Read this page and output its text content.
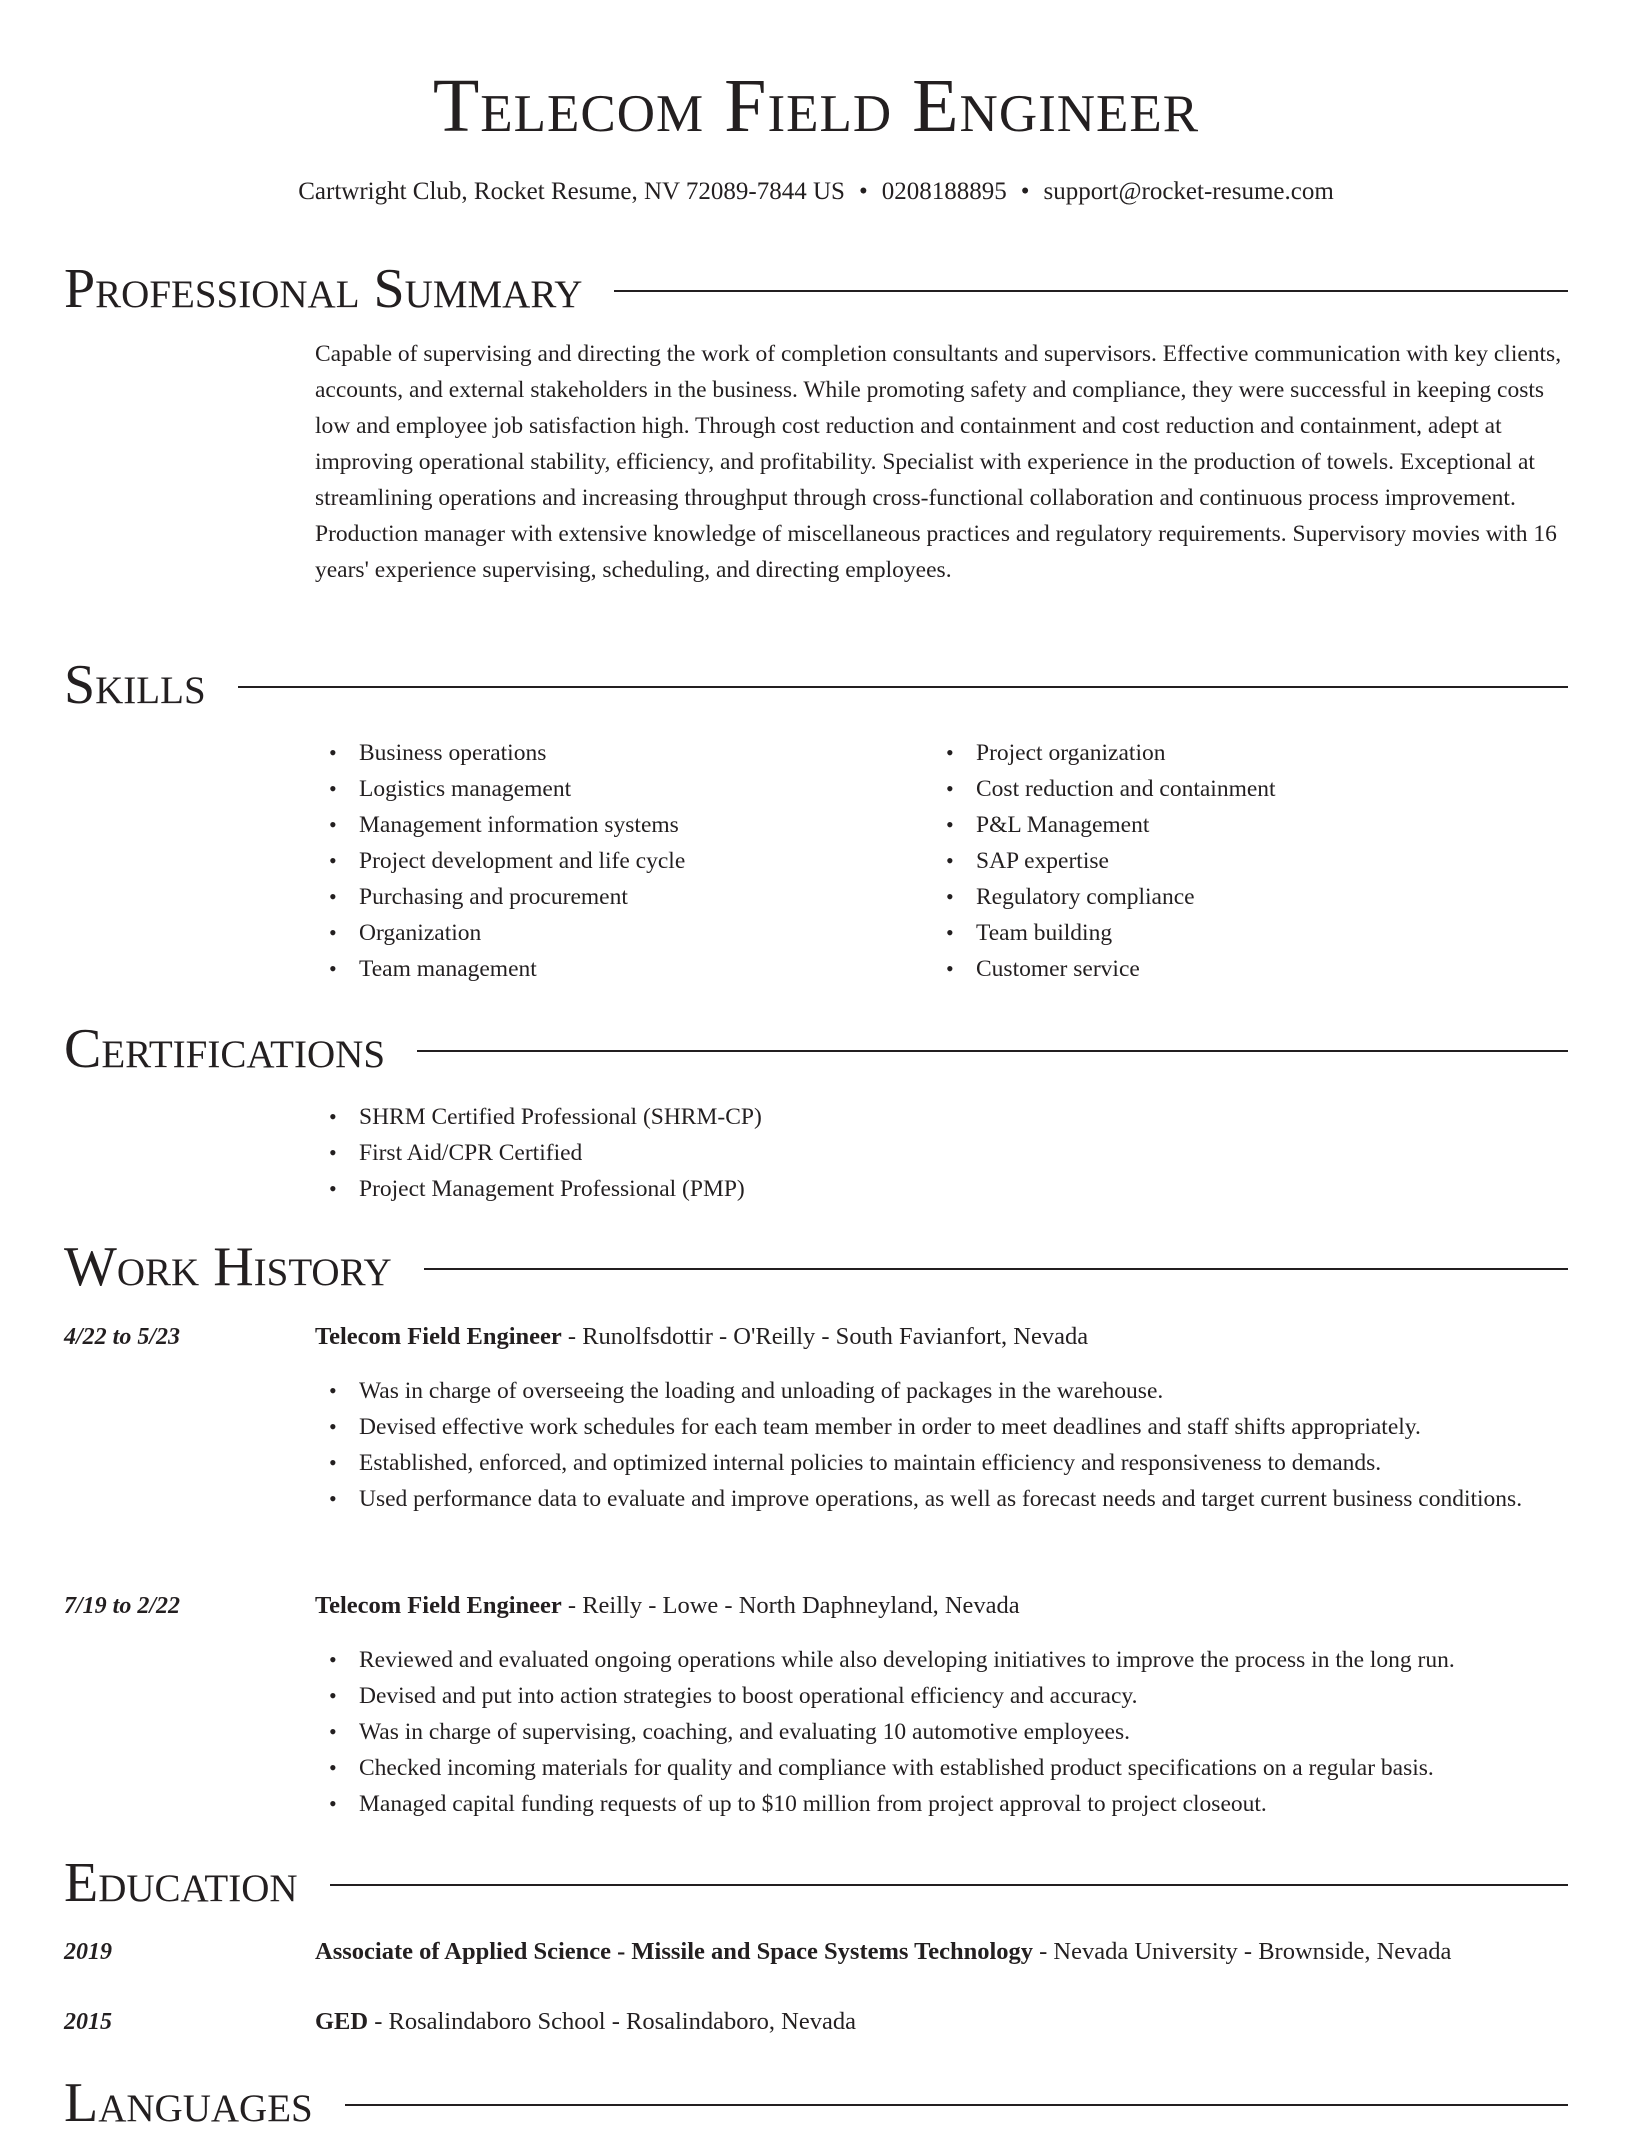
Telecom Field Engineer
Cartwright Club, Rocket Resume, NV 72089-7844 US • 0208188895 • support@rocket-resume.com
Professional Summary

Capable of supervising and directing the work of completion consultants and supervisors. Effective communication with key clients, accounts, and external stakeholders in the business. While promoting safety and compliance, they were successful in keeping costs low and employee job satisfaction high. Through cost reduction and containment and cost reduction and containment, adept at improving operational stability, efficiency, and profitability. Specialist with experience in the production of towels. Exceptional at streamlining operations and increasing throughput through cross-functional collaboration and continuous process improvement. Production manager with extensive knowledge of miscellaneous practices and regulatory requirements. Supervisory movies with 16 years' experience supervising, scheduling, and directing employees.

Skills
• Business operations
• Logistics management
• Management information systems
• Project development and life cycle
• Purchasing and procurement
• Organization
• Team management
• Project organization
• Cost reduction and containment
• P&L Management
• SAP expertise
• Regulatory compliance
• Team building
• Customer service
Certifications
• SHRM Certified Professional (SHRM-CP)
• First Aid/CPR Certified
• Project Management Professional (PMP)
Work History
4/22 to 5/23	Telecom Field Engineer - Runolfsdottir - O'Reilly - South Favianfort, Nevada
• Was in charge of overseeing the loading and unloading of packages in the warehouse.
• Devised effective work schedules for each team member in order to meet deadlines and staff shifts appropriately.
• Established, enforced, and optimized internal policies to maintain efficiency and responsiveness to demands.
• Used performance data to evaluate and improve operations, as well as forecast needs and target current business conditions.
7/19 to 2/22	Telecom Field Engineer - Reilly - Lowe - North Daphneyland, Nevada
• Reviewed and evaluated ongoing operations while also developing initiatives to improve the process in the long run.
• Devised and put into action strategies to boost operational efficiency and accuracy.
• Was in charge of supervising, coaching, and evaluating 10 automotive employees.
• Checked incoming materials for quality and compliance with established product specifications on a regular basis.
• Managed capital funding requests of up to $10 million from project approval to project closeout.
Education
2019	Associate of Applied Science - Missile and Space Systems Technology - Nevada University - Brownside, Nevada
2015	GED - Rosalindaboro School - Rosalindaboro, Nevada
Languages
